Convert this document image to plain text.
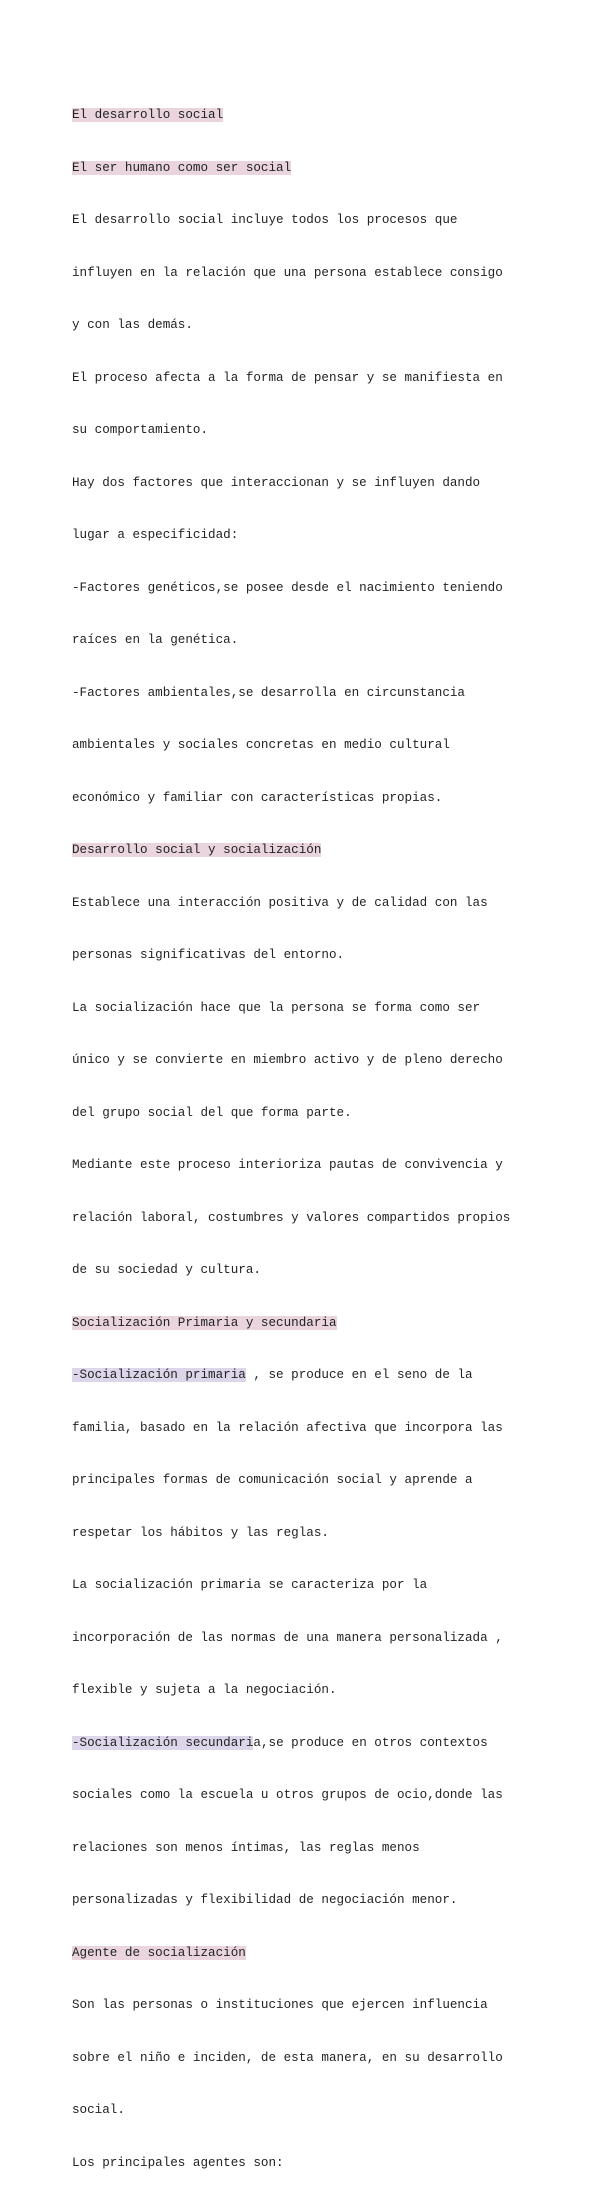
El desarrollo social

El ser humano como ser social

El desarrollo social incluye todos los procesos que

influyen en la relación que una persona establece consigo

y con las demás.

El proceso afecta a la forma de pensar y se manifiesta en

su comportamiento.

Hay dos factores que interaccionan y se influyen dando

lugar a especificidad:

-Factores genéticos,se posee desde el nacimiento teniendo

raíces en la genética.

-Factores ambientales,se desarrolla en circunstancia

ambientales y sociales concretas en medio cultural

económico y familiar con características propias.

Desarrollo social y socialización

Establece una interacción positiva y de calidad con las

personas significativas del entorno.

La socialización hace que la persona se forma como ser

único y se convierte en miembro activo y de pleno derecho

del grupo social del que forma parte.

Mediante este proceso interioriza pautas de convivencia y

relación laboral, costumbres y valores compartidos propios

de su sociedad y cultura.

Socialización Primaria y secundaria

-Socialización primaria , se produce en el seno de la

familia, basado en la relación afectiva que incorpora las

principales formas de comunicación social y aprende a

respetar los hábitos y las reglas.

La socialización primaria se caracteriza por la

incorporación de las normas de una manera personalizada ,

flexible y sujeta a la negociación.

-Socialización secundaria,se produce en otros contextos

sociales como la escuela u otros grupos de ocio,donde las

relaciones son menos íntimas, las reglas menos

personalizadas y flexibilidad de negociación menor.

Agente de socialización

Son las personas o instituciones que ejercen influencia

sobre el niño e inciden, de esta manera, en su desarrollo

social.

Los principales agentes son:
